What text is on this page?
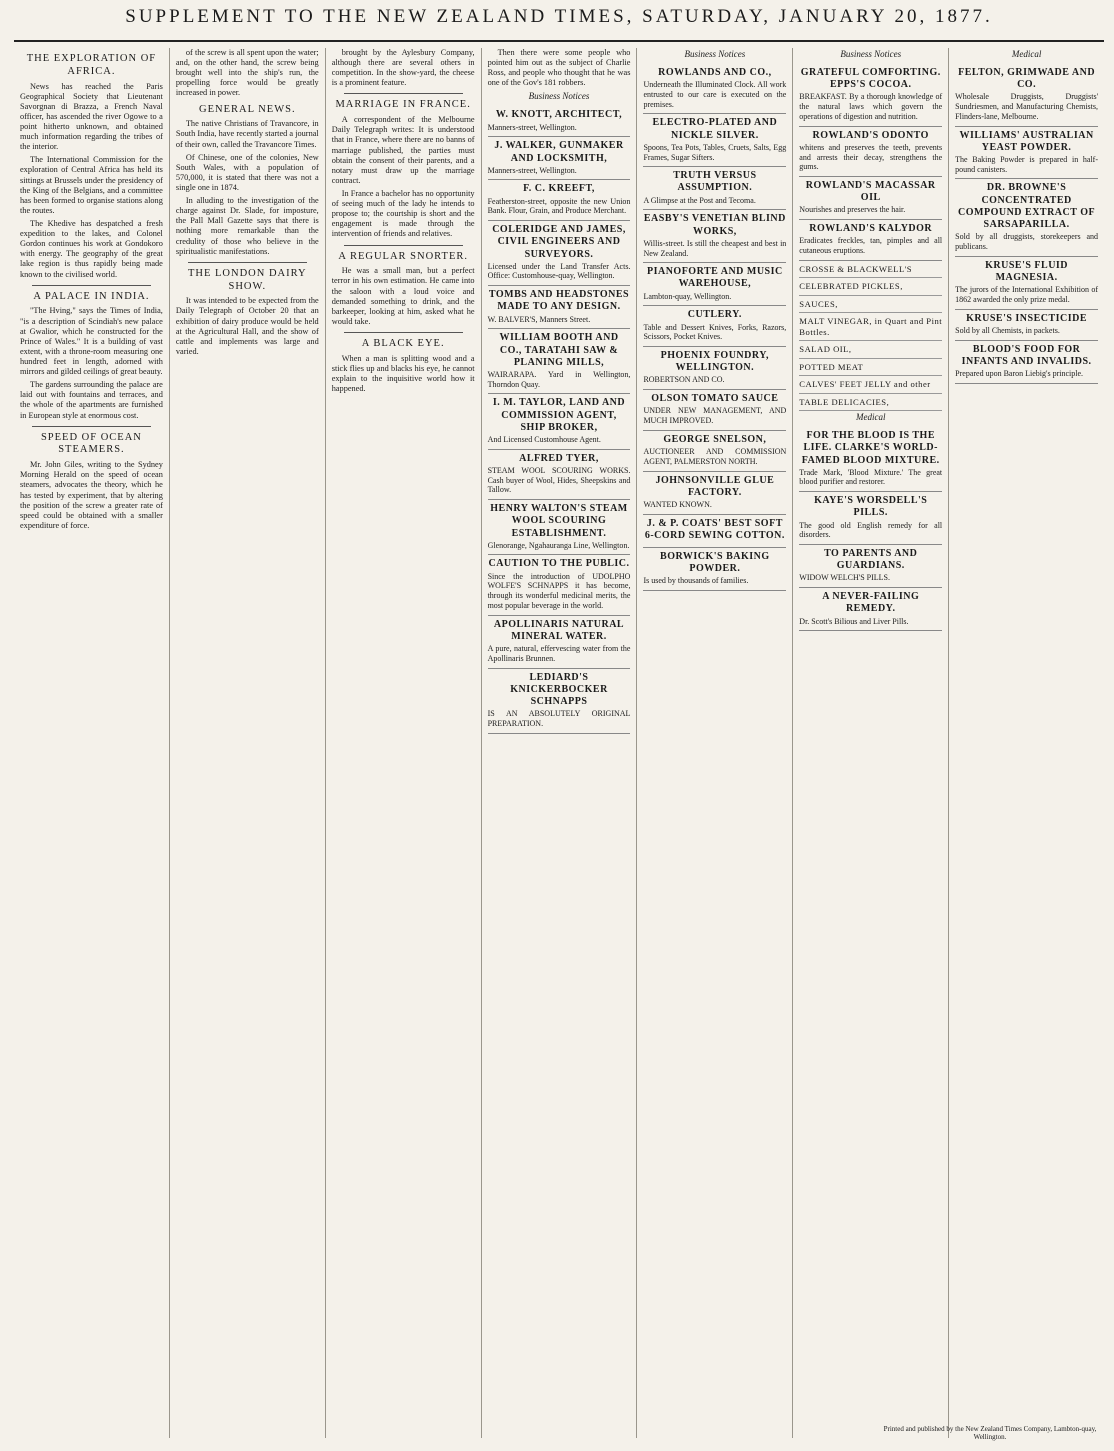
SUPPLEMENT TO THE NEW ZEALAND TIMES, SATURDAY, JANUARY 20, 1877.
THE EXPLORATION OF AFRICA.

News has reached the Paris Geographical Society that Lieutenant Savorgnan di Brazza, a French Naval officer, has ascended the river Ogowe to a point hitherto unknown, and obtained much information regarding the tribes of the interior.

The International Commission for the exploration of Central Africa has held its sittings at Brussels under the presidency of the King of the Belgians, and a committee has been formed to organise stations along the routes.

The Khedive has despatched a fresh expedition to the lakes, and Colonel Gordon continues his work at Gondokoro with energy. The geography of the great lake region is thus rapidly being made known to the civilised world.

A PALACE IN INDIA.

"The Hving," says the Times of India, "is a description of Scindiah's new palace at Gwalior, which he constructed for the Prince of Wales." It is a building of vast extent, with a throne-room measuring one hundred feet in length, adorned with mirrors and gilded ceilings of great beauty.

The gardens surrounding the palace are laid out with fountains and terraces, and the whole of the apartments are furnished in European style at enormous cost.

SPEED OF OCEAN STEAMERS.

Mr. John Giles, writing to the Sydney Morning Herald on the speed of ocean steamers, advocates the theory, which he has tested by experiment, that by altering the position of the screw a greater rate of speed could be obtained with a smaller expenditure of force.

of the screw is all spent upon the water; and, on the other hand, the screw being brought well into the ship's run, the propelling force would be greatly increased in power.

GENERAL NEWS.

The native Christians of Travancore, in South India, have recently started a journal of their own, called the Travancore Times.

Of Chinese, one of the colonies, New South Wales, with a population of 570,000, it is stated that there was not a single one in 1874.

In alluding to the investigation of the charge against Dr. Slade, for imposture, the Pall Mall Gazette says that there is nothing more remarkable than the credulity of those who believe in the spiritualistic manifestations.

THE LONDON DAIRY SHOW.

It was intended to be expected from the Daily Telegraph of October 20 that an exhibition of dairy produce would be held at the Agricultural Hall, and the show of cattle and implements was large and varied.

brought by the Aylesbury Company, although there are several others in competition. In the show-yard, the cheese is a prominent feature.

MARRIAGE IN FRANCE.

A correspondent of the Melbourne Daily Telegraph writes: It is understood that in France, where there are no banns of marriage published, the parties must obtain the consent of their parents, and a notary must draw up the marriage contract.

In France a bachelor has no opportunity of seeing much of the lady he intends to propose to; the courtship is short and the engagement is made through the intervention of friends and relatives.

A REGULAR SNORTER.

He was a small man, but a perfect terror in his own estimation. He came into the saloon with a loud voice and demanded something to drink, and the barkeeper, looking at him, asked what he would take.

A BLACK EYE.

When a man is splitting wood and a stick flies up and blacks his eye, he cannot explain to the inquisitive world how it happened.

Then there were some people who pointed him out as the subject of Charlie Ross, and people who thought that he was one of the Gov's 181 robbers.

Business Notices
W. KNOTT, ARCHITECT,
Manners-street, Wellington.
J. WALKER, GUNMAKER AND LOCKSMITH,
Manners-street, Wellington.
F. C. KREEFT,
Featherston-street, opposite the new Union Bank. Flour, Grain, and Produce Merchant.
COLERIDGE AND JAMES, CIVIL ENGINEERS AND SURVEYORS.
Licensed under the Land Transfer Acts. Office: Customhouse-quay, Wellington.
TOMBS AND HEADSTONES MADE TO ANY DESIGN.
W. BALVER'S, Manners Street.
WILLIAM BOOTH AND CO., TARATAHI SAW & PLANING MILLS,
WAIRARAPA. Yard in Wellington, Thorndon Quay.
I. M. TAYLOR, LAND AND COMMISSION AGENT, SHIP BROKER,
And Licensed Customhouse Agent.
ALFRED TYER,
STEAM WOOL SCOURING WORKS. Cash buyer of Wool, Hides, Sheepskins and Tallow.
HENRY WALTON'S STEAM WOOL SCOURING ESTABLISHMENT.
Glenorange, Ngahauranga Line, Wellington.
CAUTION TO THE PUBLIC.
Since the introduction of UDOLPHO WOLFE'S SCHNAPPS it has become, through its wonderful medicinal merits, the most popular beverage in the world.
APOLLINARIS NATURAL MINERAL WATER.
A pure, natural, effervescing water from the Apollinaris Brunnen.
LEDIARD'S KNICKERBOCKER SCHNAPPS
IS AN ABSOLUTELY ORIGINAL PREPARATION.
Business Notices
ROWLANDS AND CO.,
Underneath the Illuminated Clock. All work entrusted to our care is executed on the premises.
ELECTRO-PLATED AND NICKLE SILVER.
Spoons, Tea Pots, Tables, Cruets, Salts, Egg Frames, Sugar Sifters.
TRUTH VERSUS ASSUMPTION.
A Glimpse at the Post and Tecoma.
EASBY'S VENETIAN BLIND WORKS,
Willis-street. Is still the cheapest and best in New Zealand.
PIANOFORTE AND MUSIC WAREHOUSE,
Lambton-quay, Wellington.
CUTLERY.
Table and Dessert Knives, Forks, Razors, Scissors, Pocket Knives.
PHOENIX FOUNDRY, WELLINGTON.
ROBERTSON AND CO.
OLSON TOMATO SAUCE
UNDER NEW MANAGEMENT, AND MUCH IMPROVED.
GEORGE SNELSON,
AUCTIONEER AND COMMISSION AGENT, PALMERSTON NORTH.
JOHNSONVILLE GLUE FACTORY.
WANTED KNOWN.
J. & P. COATS' BEST SOFT 6-CORD SEWING COTTON.
BORWICK'S BAKING POWDER.
Is used by thousands of families.
Business Notices
GRATEFUL COMFORTING. EPPS'S COCOA.
BREAKFAST. By a thorough knowledge of the natural laws which govern the operations of digestion and nutrition.
ROWLAND'S ODONTO
whitens and preserves the teeth, prevents and arrests their decay, strengthens the gums.
ROWLAND'S MACASSAR OIL
Nourishes and preserves the hair.
ROWLAND'S KALYDOR
Eradicates freckles, tan, pimples and all cutaneous eruptions.
CROSSE & BLACKWELL'S
CELEBRATED PICKLES,
SAUCES,
MALT VINEGAR, in Quart and Pint Bottles.
SALAD OIL,
POTTED MEAT
CALVES' FEET JELLY and other
TABLE DELICACIES,
Medical
FOR THE BLOOD IS THE LIFE. CLARKE'S WORLD-FAMED BLOOD MIXTURE.
Trade Mark, 'Blood Mixture.' The great blood purifier and restorer.
KAYE'S WORSDELL'S PILLS.
The good old English remedy for all disorders.
TO PARENTS AND GUARDIANS.
WIDOW WELCH'S PILLS.
A NEVER-FAILING REMEDY.
Dr. Scott's Bilious and Liver Pills.
Medical
FELTON, GRIMWADE AND CO.
Wholesale Druggists, Druggists' Sundriesmen, and Manufacturing Chemists, Flinders-lane, Melbourne.
WILLIAMS' AUSTRALIAN YEAST POWDER.
The Baking Powder is prepared in half-pound canisters.
DR. BROWNE'S CONCENTRATED COMPOUND EXTRACT OF SARSAPARILLA.
Sold by all druggists, storekeepers and publicans.
KRUSE'S FLUID MAGNESIA.
The jurors of the International Exhibition of 1862 awarded the only prize medal.
KRUSE'S INSECTICIDE
Sold by all Chemists, in packets.
BLOOD'S FOOD FOR INFANTS AND INVALIDS.
Prepared upon Baron Liebig's principle.
Printed and published by the New Zealand Times Company, Lambton-quay, Wellington.
